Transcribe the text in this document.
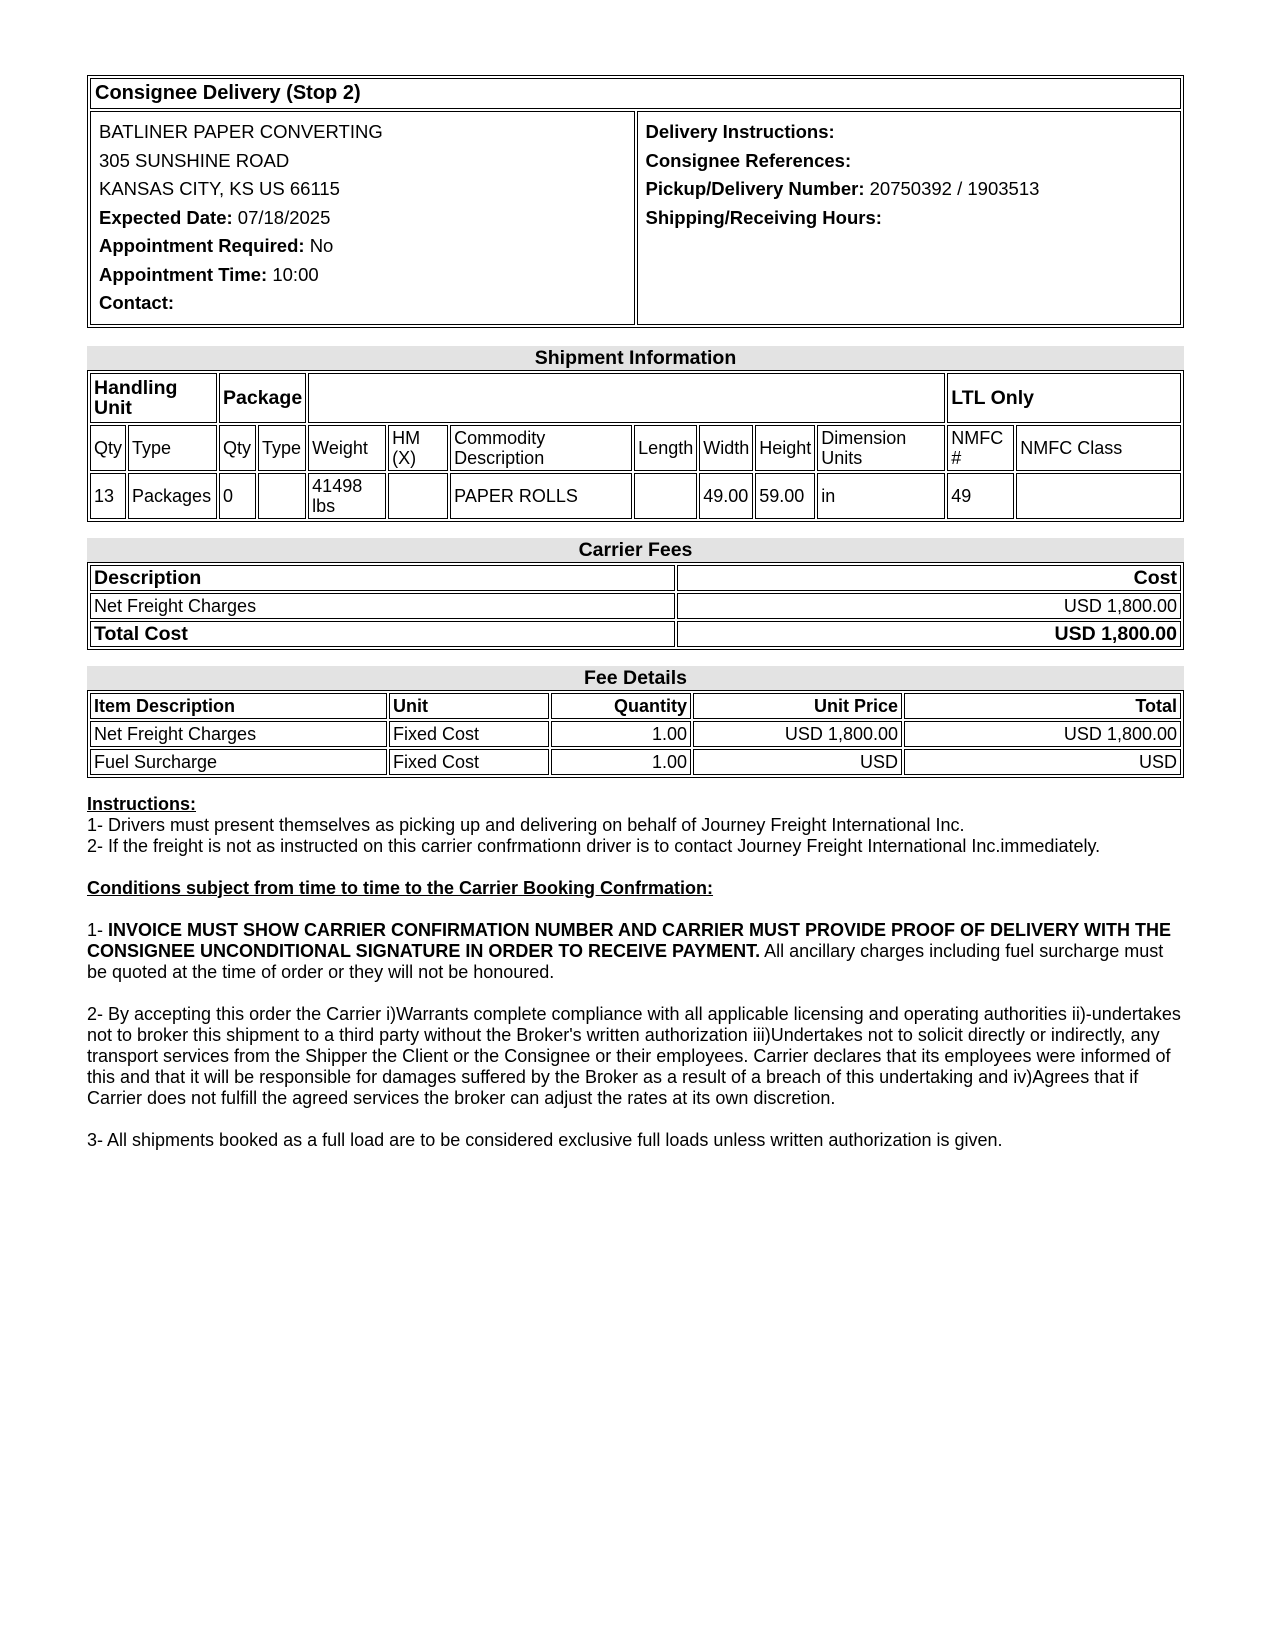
Consignee Delivery (Stop 2)

BATLINER PAPER CONVERTING
305 SUNSHINE ROAD
KANSAS CITY, KS US 66115
Expected Date: 07/18/2025
Appointment Required: No
Appointment Time: 10:00
Contact:

Delivery Instructions:
Consignee References:
Pickup/Delivery Number: 20750392 / 1903513
Shipping/Receiving Hours:
Shipment Information
Handling Unit		Package									LTL Only	
Qty	Type	Qty	Type	Weight	HM (X)	Commodity Description	Length	Width	Height	Dimension Units	NMFC #	NMFC Class
13	Packages	0		41498 lbs		PAPER ROLLS		49.00	59.00	in	49	
Carrier Fees
Description	Cost
Net Freight Charges	USD 1,800.00
Total Cost	USD 1,800.00
Fee Details
Item Description	Unit	Quantity	Unit Price	Total
Net Freight Charges	Fixed Cost	1.00	USD 1,800.00	USD 1,800.00
Fuel Surcharge	Fixed Cost	1.00	USD	USD

Instructions:

1- Drivers must present themselves as picking up and delivering on behalf of Journey Freight International Inc.

2- If the freight is not as instructed on this carrier confrmationn driver is to contact Journey Freight International Inc.immediately.

Conditions subject from time to time to the Carrier Booking Confrmation:

1- INVOICE MUST SHOW CARRIER CONFIRMATION NUMBER AND CARRIER MUST PROVIDE PROOF OF DELIVERY WITH THE CONSIGNEE UNCONDITIONAL SIGNATURE IN ORDER TO RECEIVE PAYMENT. All ancillary charges including fuel surcharge must be quoted at the time of order or they will not be honoured.

2- By accepting this order the Carrier i)Warrants complete compliance with all applicable licensing and operating authorities ii)-undertakes not to broker this shipment to a third party without the Broker's written authorization iii)Undertakes not to solicit directly or indirectly, any transport services from the Shipper the Client or the Consignee or their employees. Carrier declares that its employees were informed of this and that it will be responsible for damages suffered by the Broker as a result of a breach of this undertaking and iv)Agrees that if Carrier does not fulfill the agreed services the broker can adjust the rates at its own discretion.

3- All shipments booked as a full load are to be considered exclusive full loads unless written authorization is given.
